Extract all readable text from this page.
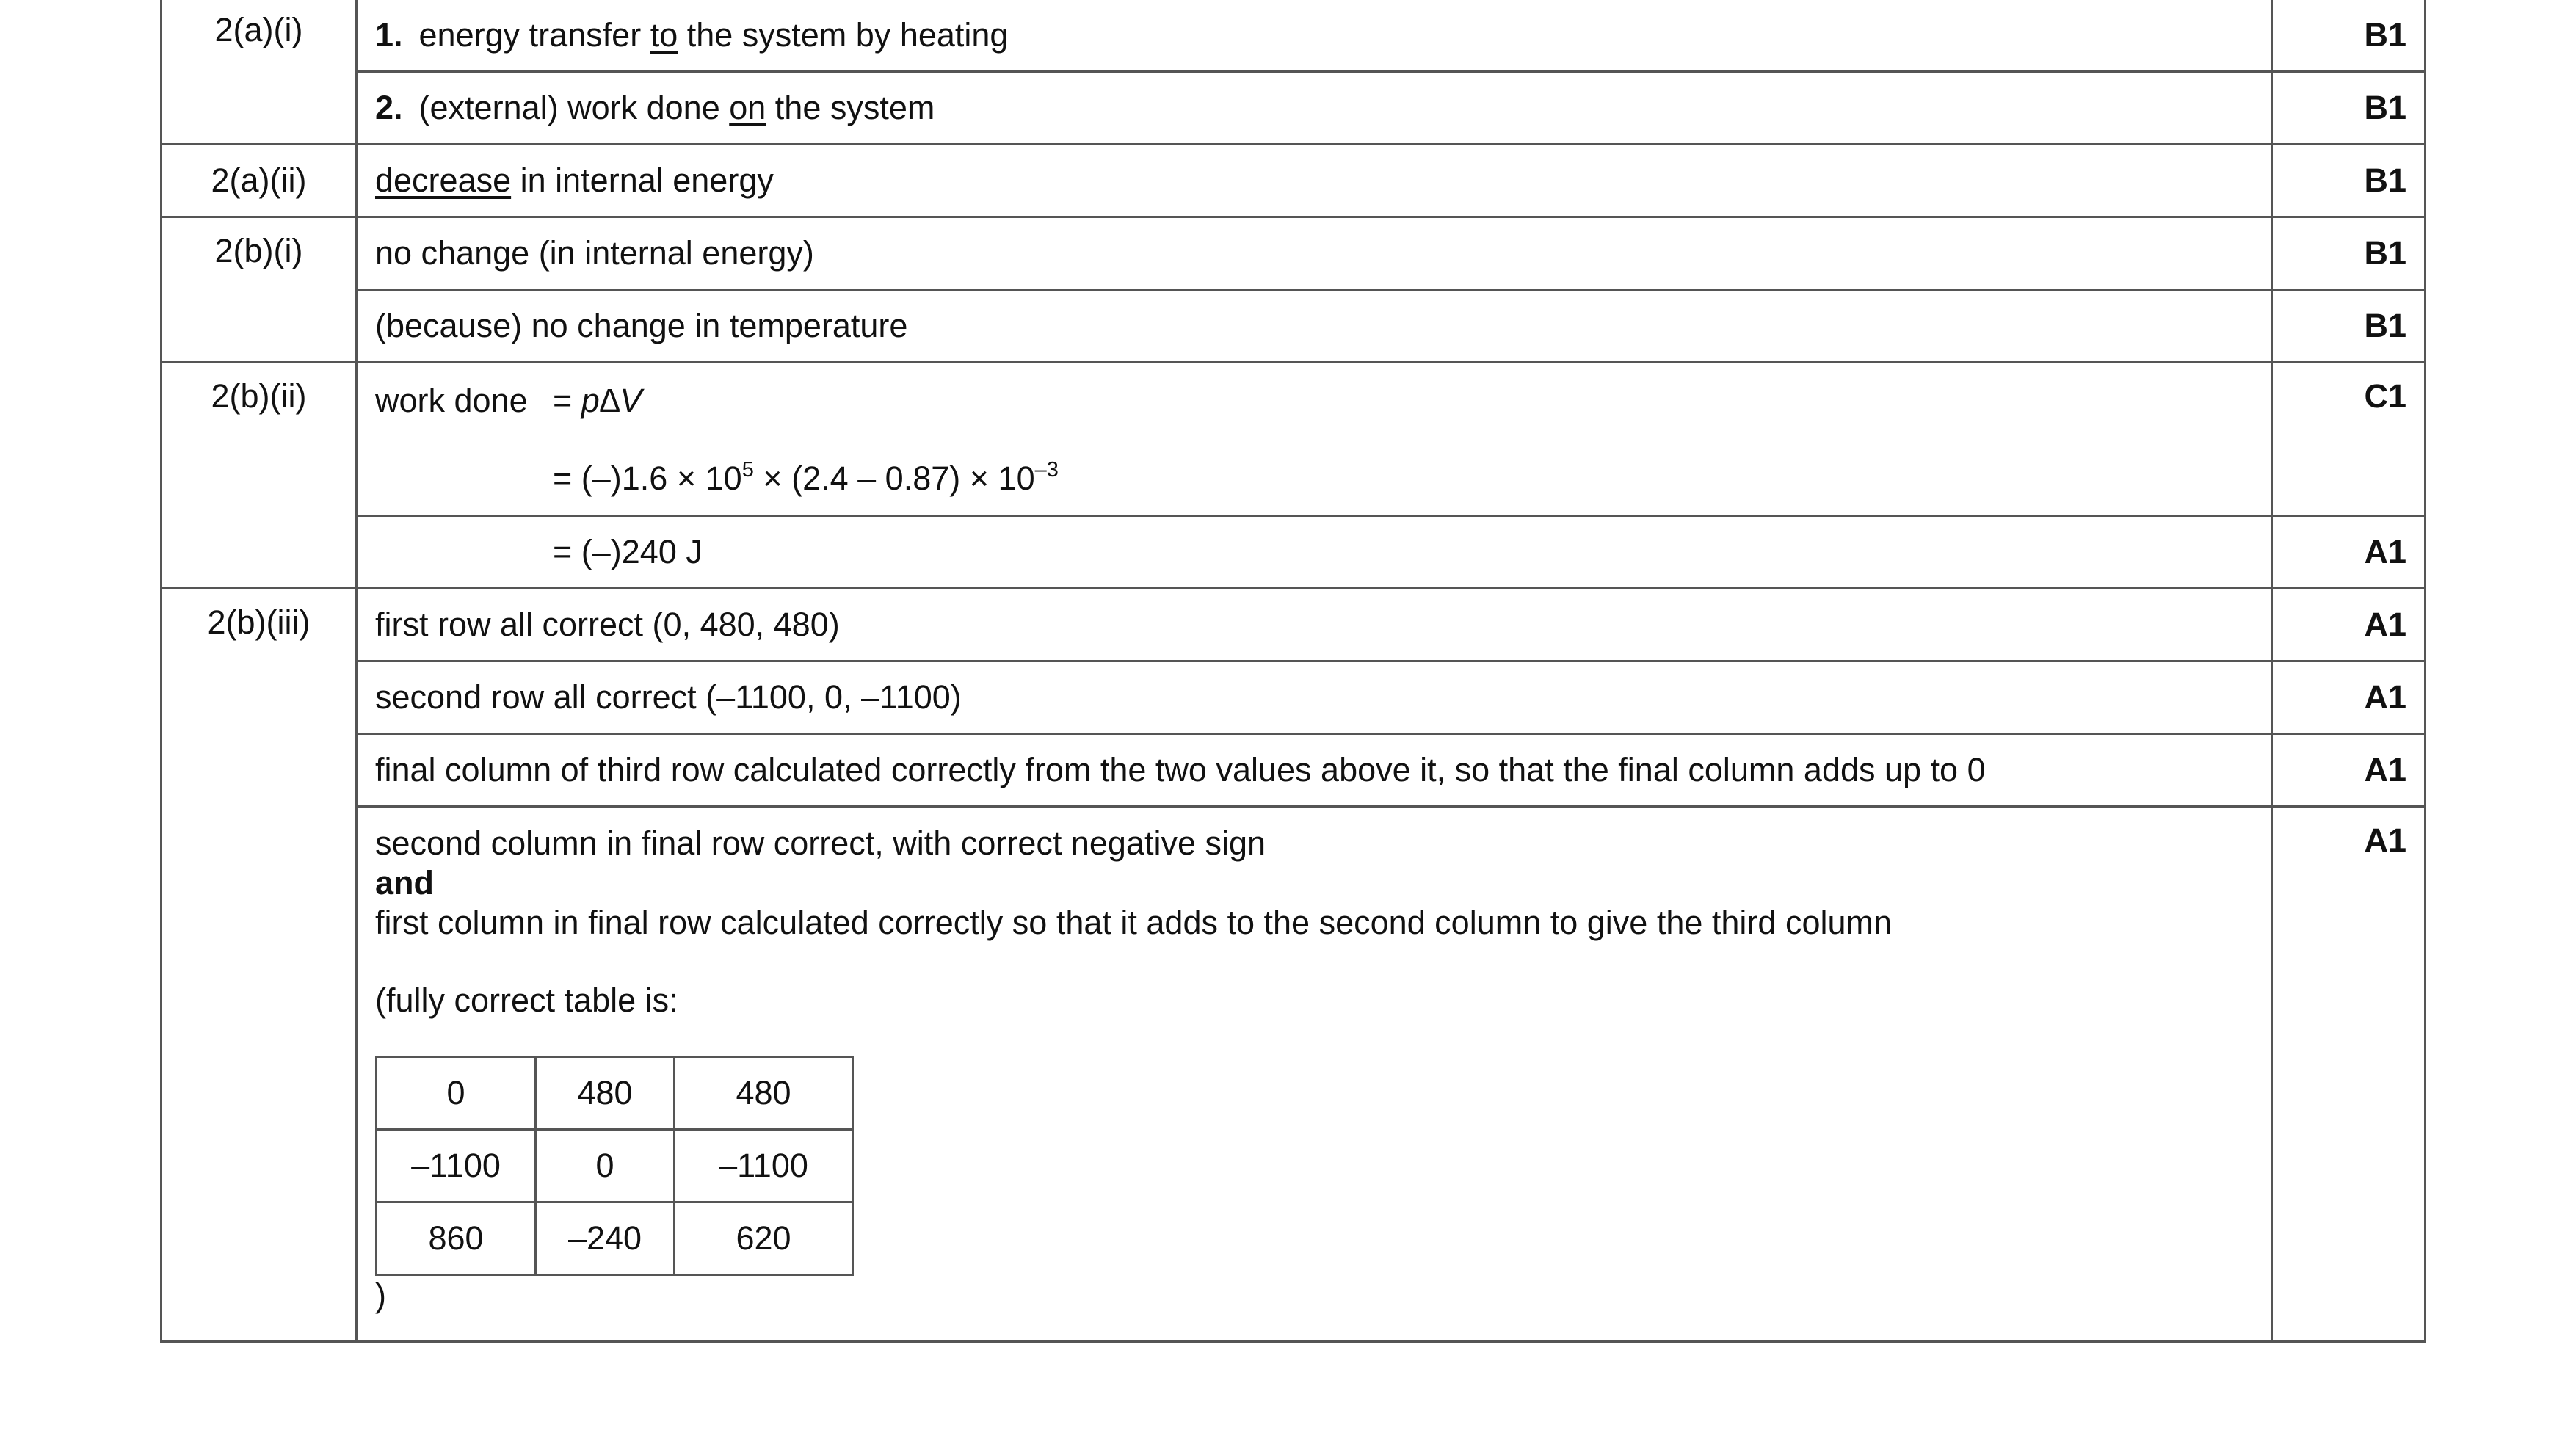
2(a)(i)	1. energy transfer to the system by heating	B1
2. (external) work done on the system	B1
2(a)(ii)	decrease in internal energy	B1
2(b)(i)	no change (in internal energy)	B1
(because) no change in temperature	B1
2(b)(ii)	work done = p∆V
= $(-)1.6 \times 10^5 \times (2.4 - 0.87) \times 10^{-3}$
	C1
= (–)240 J	A1
2(b)(iii)	first row all correct (0, 480, 480)	A1
second row all correct (–1100, 0, –1100)	A1
final column of third row calculated correctly from the two values above it, so that the final column adds up to 0	A1

second column in final row correct, with correct negative sign

and

first column in final row calculated correctly so that it adds to the second column to give the third column

(fully correct table is:

0	480	480
–1100	0	–1100
860	–240	620

)

	A1
